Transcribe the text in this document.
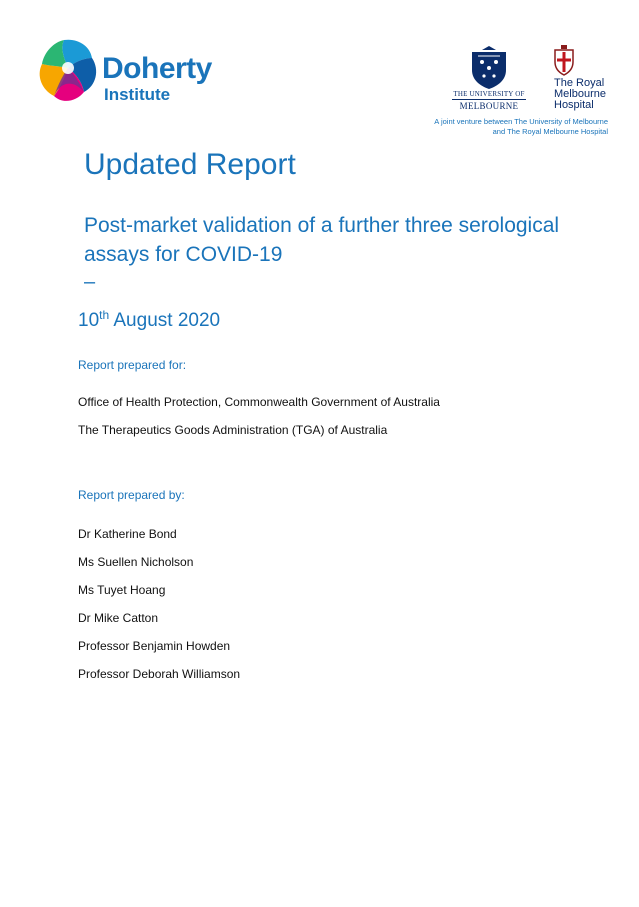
Doherty
Institute	THE UNIVERSITY OF
MELBOURNE
The Royal
Melbourne
Hospital
A joint venture between The University of Melbourne
and The Royal Melbourne Hospital
Updated Report
Post-market validation of a further three serological assays for COVID-19
–
10th August 2020
Report prepared for:
Office of Health Protection, Commonwealth Government of Australia
The Therapeutics Goods Administration (TGA) of Australia
Report prepared by:
Dr Katherine Bond
Ms Suellen Nicholson
Ms Tuyet Hoang
Dr Mike Catton
Professor Benjamin Howden
Professor Deborah Williamson
